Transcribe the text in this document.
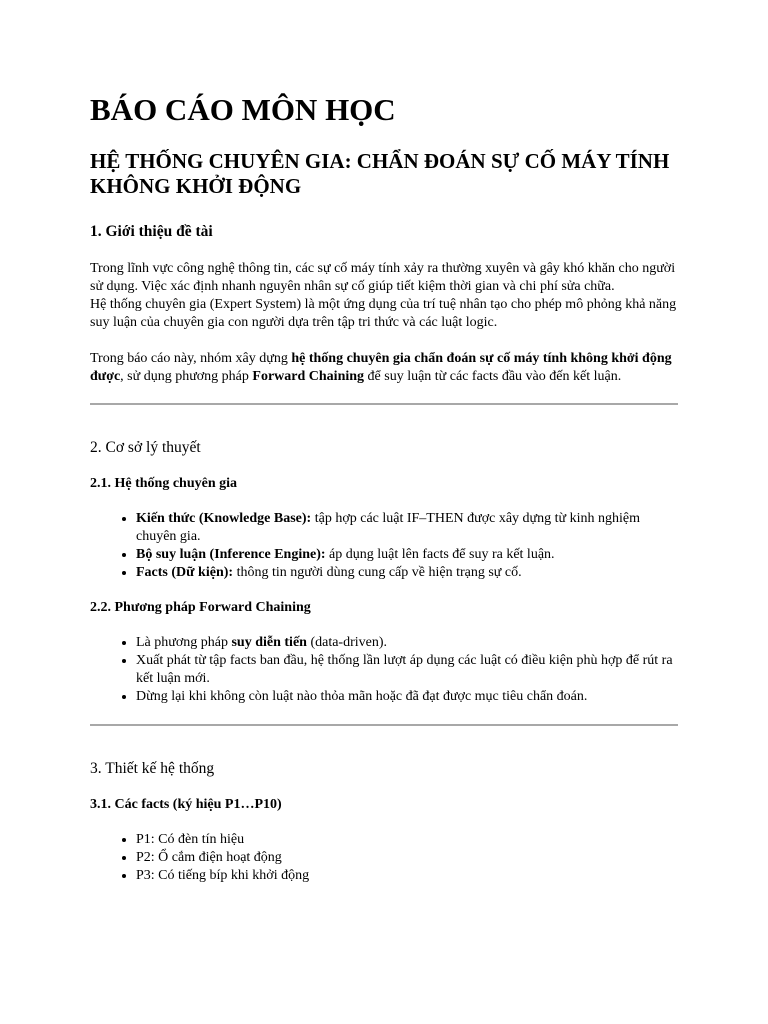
BÁO CÁO MÔN HỌC
HỆ THỐNG CHUYÊN GIA: CHẨN ĐOÁN SỰ CỐ MÁY TÍNH KHÔNG KHỞI ĐỘNG
1. Giới thiệu đề tài

Trong lĩnh vực công nghệ thông tin, các sự cố máy tính xảy ra thường xuyên và gây khó khăn cho người sử dụng. Việc xác định nhanh nguyên nhân sự cố giúp tiết kiệm thời gian và chi phí sửa chữa.
Hệ thống chuyên gia (Expert System) là một ứng dụng của trí tuệ nhân tạo cho phép mô phỏng khả năng suy luận của chuyên gia con người dựa trên tập tri thức và các luật logic.

Trong báo cáo này, nhóm xây dựng hệ thống chuyên gia chẩn đoán sự cố máy tính không khởi động được, sử dụng phương pháp Forward Chaining để suy luận từ các facts đầu vào đến kết luận.

2. Cơ sở lý thuyết
2.1. Hệ thống chuyên gia
• Kiến thức (Knowledge Base): tập hợp các luật IF–THEN được xây dựng từ kinh nghiệm chuyên gia.
• Bộ suy luận (Inference Engine): áp dụng luật lên facts để suy ra kết luận.
• Facts (Dữ kiện): thông tin người dùng cung cấp về hiện trạng sự cố.
2.2. Phương pháp Forward Chaining
• Là phương pháp suy diễn tiến (data-driven).
• Xuất phát từ tập facts ban đầu, hệ thống lần lượt áp dụng các luật có điều kiện phù hợp để rút ra kết luận mới.
• Dừng lại khi không còn luật nào thỏa mãn hoặc đã đạt được mục tiêu chẩn đoán.
3. Thiết kế hệ thống
3.1. Các facts (ký hiệu P1…P10)
• P1: Có đèn tín hiệu
• P2: Ổ cắm điện hoạt động
• P3: Có tiếng bíp khi khởi động
